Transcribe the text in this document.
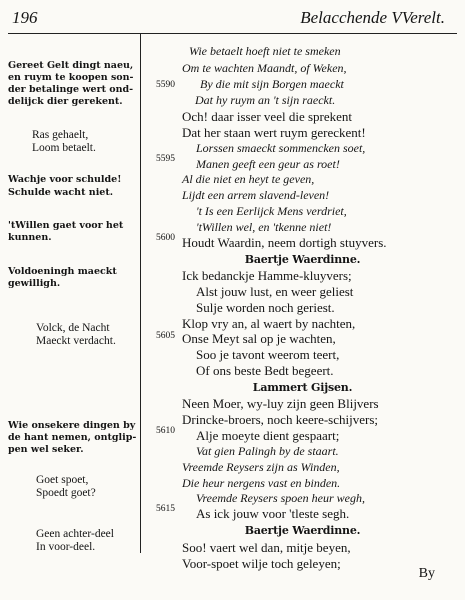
196	Belacchende VVerelt.
5590
5595
5600
5605
5610
5615
Wie betaelt hoeft niet te smeken
Om te wachten Maandt, of Weken,
By die mit sijn Borgen maeckt
Dat hy ruym an 't sijn raeckt.
Och! daar isser veel die sprekent
Dat her staan wert ruym gereckent!
Lorssen smaeckt sommencken soet,
Manen geeft een geur as roet!
Al die niet en heyt te geven,
Lijdt een arrem slavend-leven!
't Is een Eerlijck Mens verdriet,
'tWillen wel, en 'tkenne niet!
Houdt Waardin, neem dortigh stuyvers.
Baertje Waerdinne.
Ick bedanckje Hamme-kluyvers;
Alst jouw lust, en weer geliest
Sulje worden noch geriest.
Klop vry an, al waert by nachten,
Onse Meyt sal op je wachten,
Soo je tavont weerom teert,
Of ons beste Bedt begeert.
Lammert Gijsen.
Neen Moer, wy-luy zijn geen Blijvers
Drincke-broers, noch keere-schijvers;
Alje moeyte dient gespaart;
Vat gien Palingh by de staart.
Vreemde Reysers zijn as Winden,
Die heur nergens vast en binden.
Vreemde Reysers spoen heur wegh,
As ick jouw voor 'tleste segh.
Baertje Waerdinne.
Soo! vaert wel dan, mitje beyen,
Voor-spoet wilje toch geleyen;
Gereet Gelt dingt naeu,
en ruym te koopen son-
der betalinge wert ond-
delijck dier gerekent.
Ras gehaelt,
Loom betaelt.
Wachje voor schulde!
Schulde wacht niet.
'tWillen gaet voor het
kunnen.
Voldoeningh maeckt
gewilligh.
Volck, de Nacht
Maeckt verdacht.
Wie onsekere dingen by
de hant nemen, ontglip-
pen wel seker.
Goet spoet,
Spoedt goet?
Geen achter-deel
In voor-deel.
By
